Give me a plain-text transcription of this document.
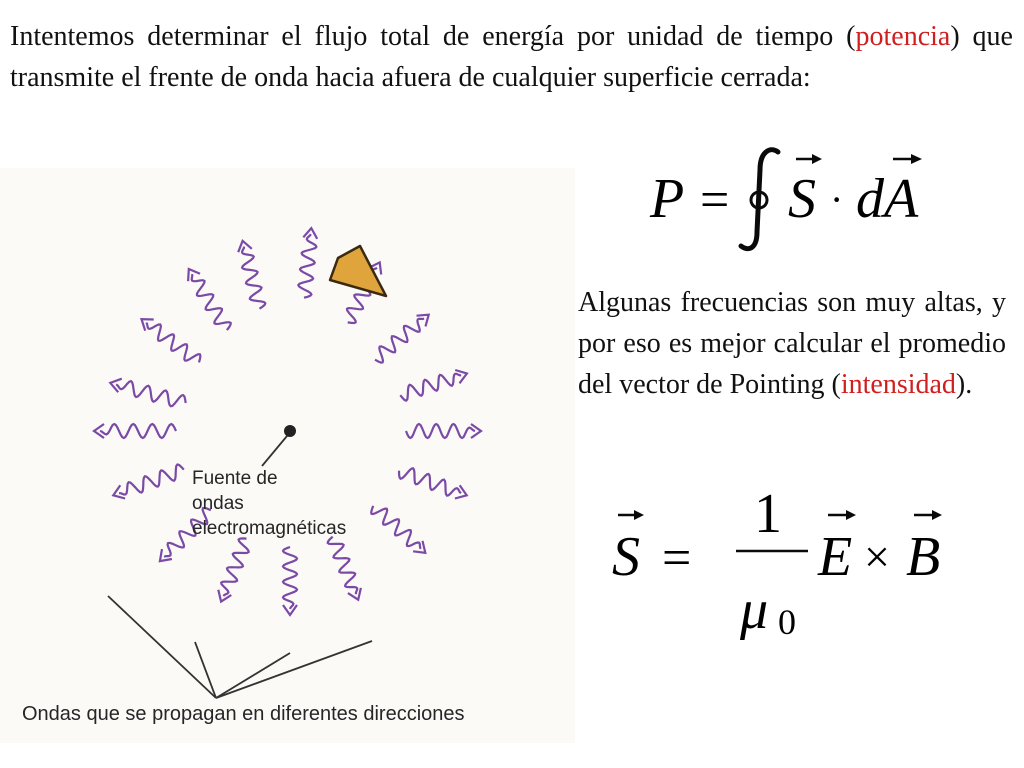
Intentemos determinar el flujo total de energía por unidad de tiempo (potencia) que transmite el frente de onda hacia afuera de cualquier superficie cerrada:

P = S · d A
S =
1
μ 0
E × B

Algunas frecuencias son muy altas, y por eso es mejor calcular el promedio del vector de Pointing (intensidad).

Fuente de
ondas
electromagnéticas

Ondas que se propagan en diferentes direcciones
